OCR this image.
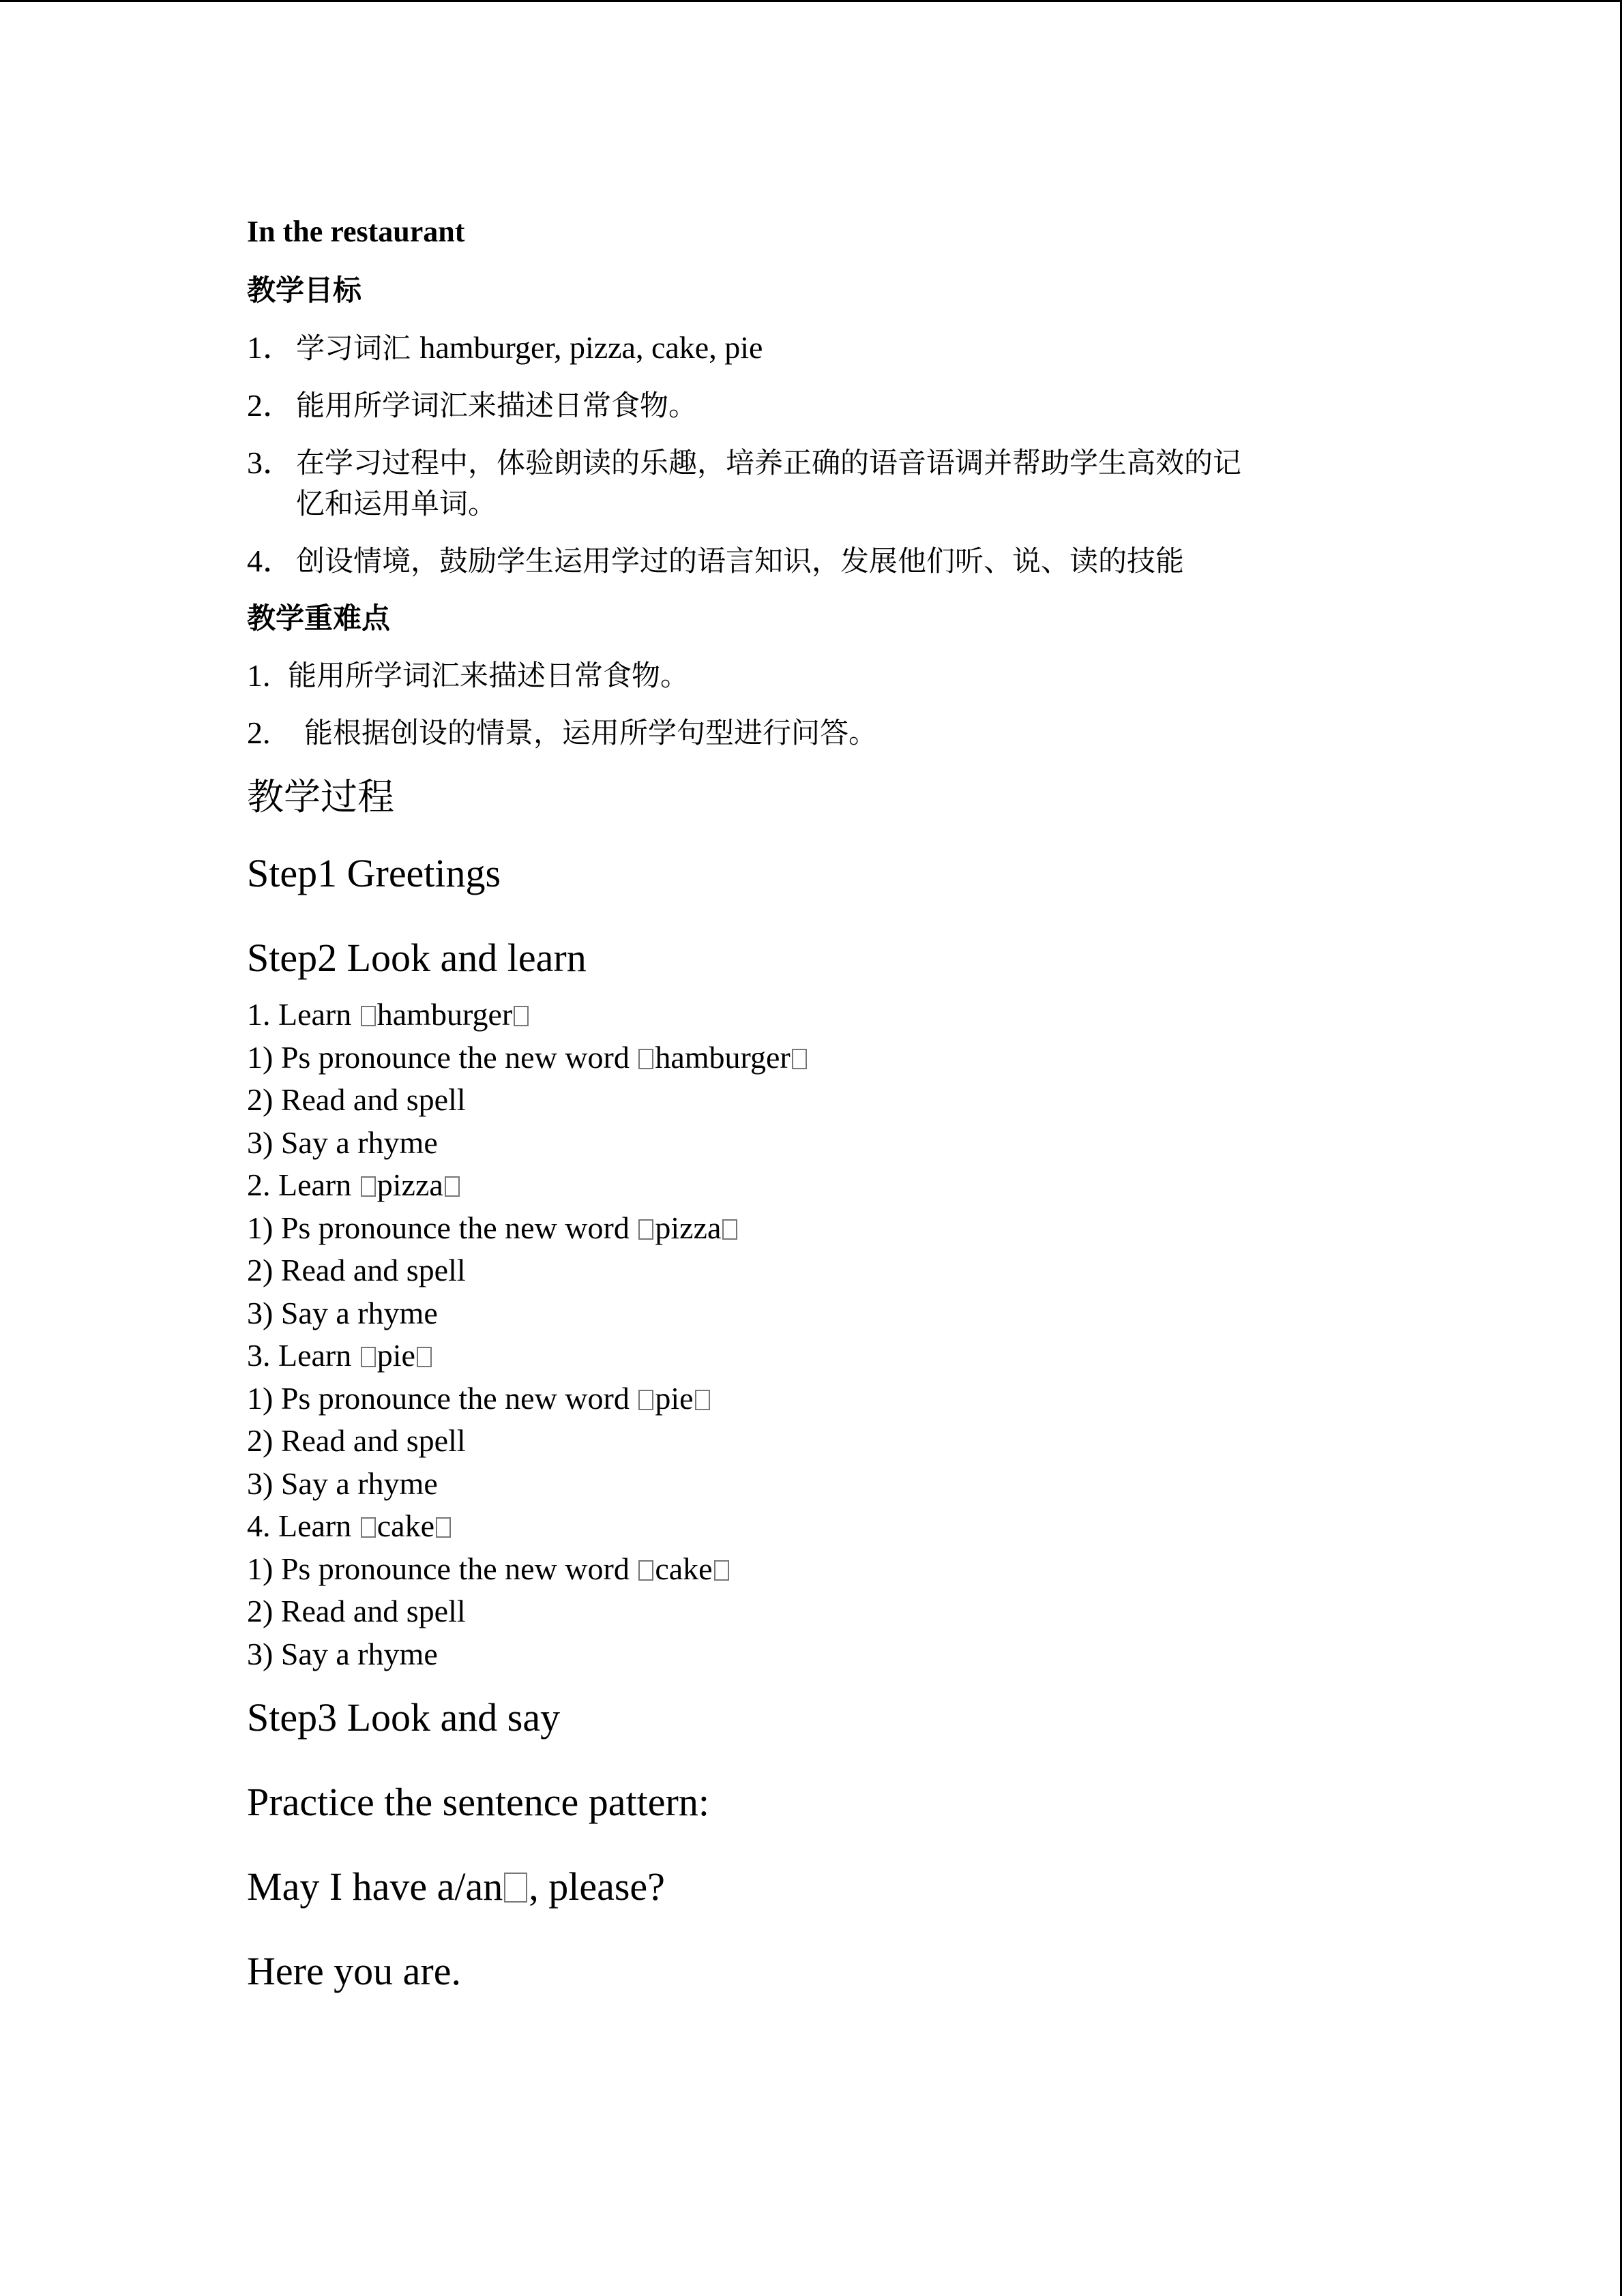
In the restaurant
教学目标
1． 学习词汇 hamburger, pizza, cake, pie
2． 能用所学词汇来描述日常食物。
3． 在学习过程中，体验朗读的乐趣，培养正确的语音语调并帮助学生高效的记
忆和运用单词。
4． 创设情境，鼓励学生运用学过的语言知识，发展他们听、说、读的技能
教学重难点
1. 能用所学词汇来描述日常食物。
2.	能根据创设的情景，运用所学句型进行问答。
教学过程
Step1 Greetings
Step2 Look and learn
1. Learn hamburger
1) Ps pronounce the new word hamburger
2) Read and spell
3) Say a rhyme
2. Learn pizza
1) Ps pronounce the new word pizza
2) Read and spell
3) Say a rhyme
3. Learn pie
1) Ps pronounce the new word pie
2) Read and spell
3) Say a rhyme
4. Learn cake
1) Ps pronounce the new word cake
2) Read and spell
3) Say a rhyme
Step3 Look and say
Practice the sentence pattern:
May I have a/an , please?
Here you are.
